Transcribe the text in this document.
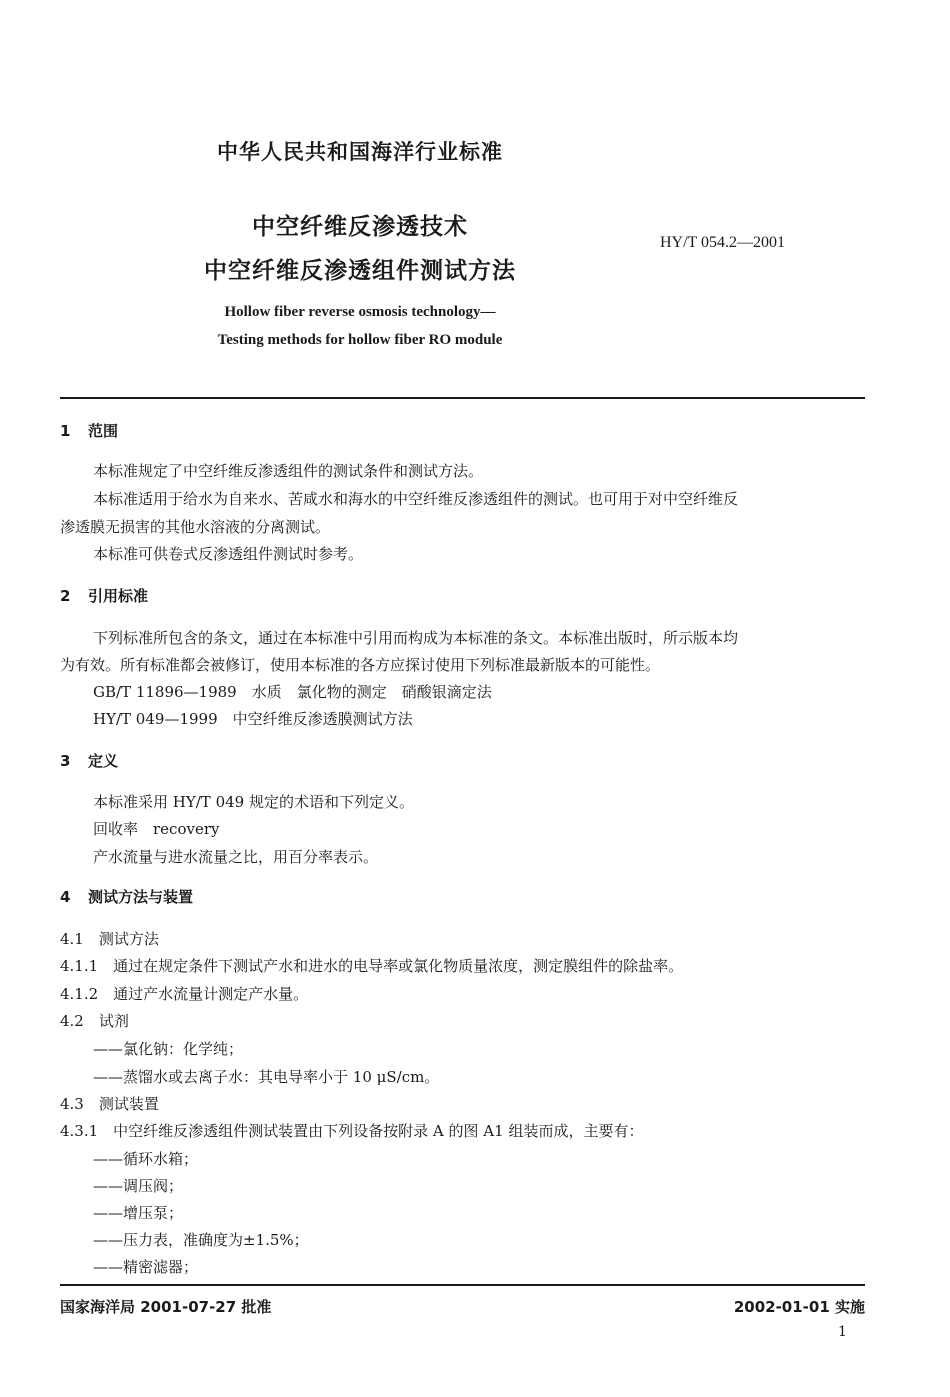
中华人民共和国海洋行业标准
中空纤维反渗透技术
中空纤维反渗透组件测试方法
Hollow fiber reverse osmosis technology—
Testing methods for hollow fiber RO module
HY/T 054.2—2001
1 范围
本标准规定了中空纤维反渗透组件的测试条件和测试方法。
本标准适用于给水为自来水、苦咸水和海水的中空纤维反渗透组件的测试。也可用于对中空纤维反
渗透膜无损害的其他水溶液的分离测试。
本标准可供卷式反渗透组件测试时参考。
2 引用标准
下列标准所包含的条文，通过在本标准中引用而构成为本标准的条文。本标准出版时，所示版本均
为有效。所有标准都会被修订，使用本标准的各方应探讨使用下列标准最新版本的可能性。
GB/T 11896—1989　水质　氯化物的测定　硝酸银滴定法
HY/T 049—1999　中空纤维反渗透膜测试方法
3 定义
本标准采用 HY/T 049 规定的术语和下列定义。
回收率　recovery
产水流量与进水流量之比，用百分率表示。
4 测试方法与装置
4.1　测试方法
4.1.1　通过在规定条件下测试产水和进水的电导率或氯化物质量浓度，测定膜组件的除盐率。
4.1.2　通过产水流量计测定产水量。
4.2　试剂
——氯化钠：化学纯；
——蒸馏水或去离子水：其电导率小于 10 μS/cm。
4.3　测试装置
4.3.1　中空纤维反渗透组件测试装置由下列设备按附录 A 的图 A1 组装而成，主要有：
——循环水箱；
——调压阀；
——增压泵；
——压力表，准确度为±1.5%；
——精密滤器；
国家海洋局 2001-07-27 批准	2002-01-01 实施
1
